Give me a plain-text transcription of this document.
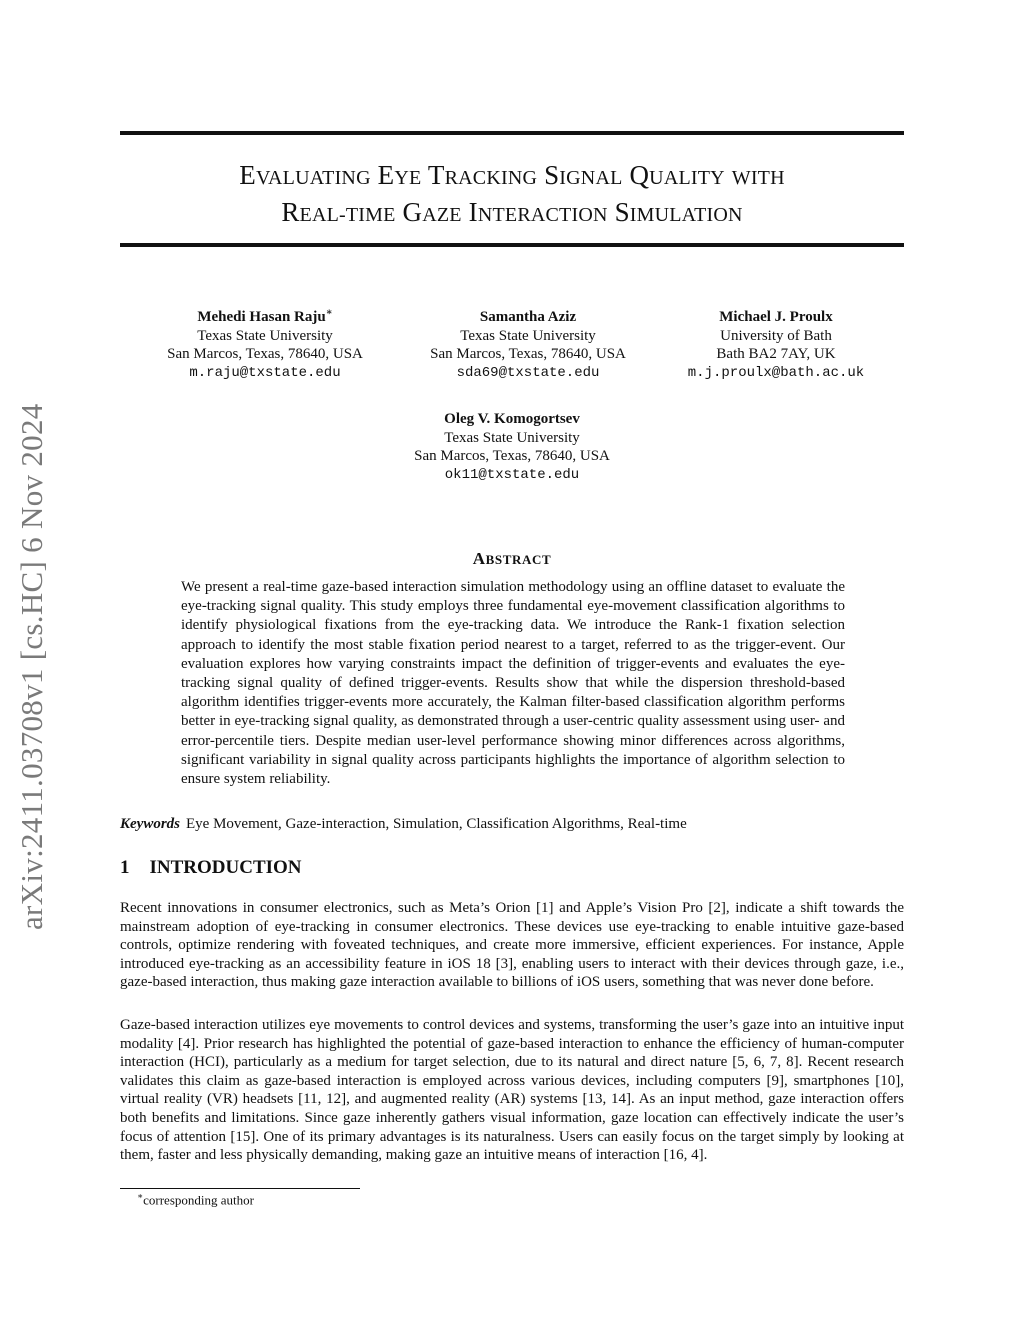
EVALUATING EYE TRACKING SIGNAL QUALITY WITH
REAL-TIME GAZE INTERACTION SIMULATION
arXiv:2411.03708v1 [cs.HC] 6 Nov 2024
Mehedi Hasan Raju∗
Texas State University
San Marcos, Texas, 78640, USA
m.raju@txstate.edu
Samantha Aziz
Texas State University
San Marcos, Texas, 78640, USA
sda69@txstate.edu
Michael J. Proulx
University of Bath
Bath BA2 7AY, UK
m.j.proulx@bath.ac.uk
Oleg V. Komogortsev
Texas State University
San Marcos, Texas, 78640, USA
ok11@txstate.edu
ABSTRACT
We present a real-time gaze-based interaction simulation methodology using an offline dataset to evaluate the eye-tracking signal quality. This study employs three fundamental eye-movement classification algorithms to identify physiological fixations from the eye-tracking data. We introduce the Rank-1 fixation selection approach to identify the most stable fixation period nearest to a target, referred to as the trigger-event. Our evaluation explores how varying constraints impact the definition of trigger-events and evaluates the eye-tracking signal quality of defined trigger-events. Results show that while the dispersion threshold-based algorithm identifies trigger-events more accurately, the Kalman filter-based classification algorithm performs better in eye-tracking signal quality, as demonstrated through a user-centric quality assessment using user- and error-percentile tiers. Despite median user-level performance showing minor differences across algorithms, significant variability in signal quality across participants highlights the importance of algorithm selection to ensure system reliability.
Keywords Eye Movement, Gaze-interaction, Simulation, Classification Algorithms, Real-time
1 INTRODUCTION

Recent innovations in consumer electronics, such as Meta’s Orion [1] and Apple’s Vision Pro [2], indicate a shift towards the mainstream adoption of eye-tracking in consumer electronics. These devices use eye-tracking to enable intuitive gaze-based controls, optimize rendering with foveated techniques, and create more immersive, efficient experiences. For instance, Apple introduced eye-tracking as an accessibility feature in iOS 18 [3], enabling users to interact with their devices through gaze, i.e., gaze-based interaction, thus making gaze interaction available to billions of iOS users, something that was never done before.

Gaze-based interaction utilizes eye movements to control devices and systems, transforming the user’s gaze into an intuitive input modality [4]. Prior research has highlighted the potential of gaze-based interaction to enhance the efficiency of human-computer interaction (HCI), particularly as a medium for target selection, due to its natural and direct nature [5, 6, 7, 8]. Recent research validates this claim as gaze-based interaction is employed across various devices, including computers [9], smartphones [10], virtual reality (VR) headsets [11, 12], and augmented reality (AR) systems [13, 14]. As an input method, gaze interaction offers both benefits and limitations. Since gaze inherently gathers visual information, gaze location can effectively indicate the user’s focus of attention [15]. One of its primary advantages is its naturalness. Users can easily focus on the target simply by looking at them, faster and less physically demanding, making gaze an intuitive means of interaction [16, 4].

∗corresponding author
